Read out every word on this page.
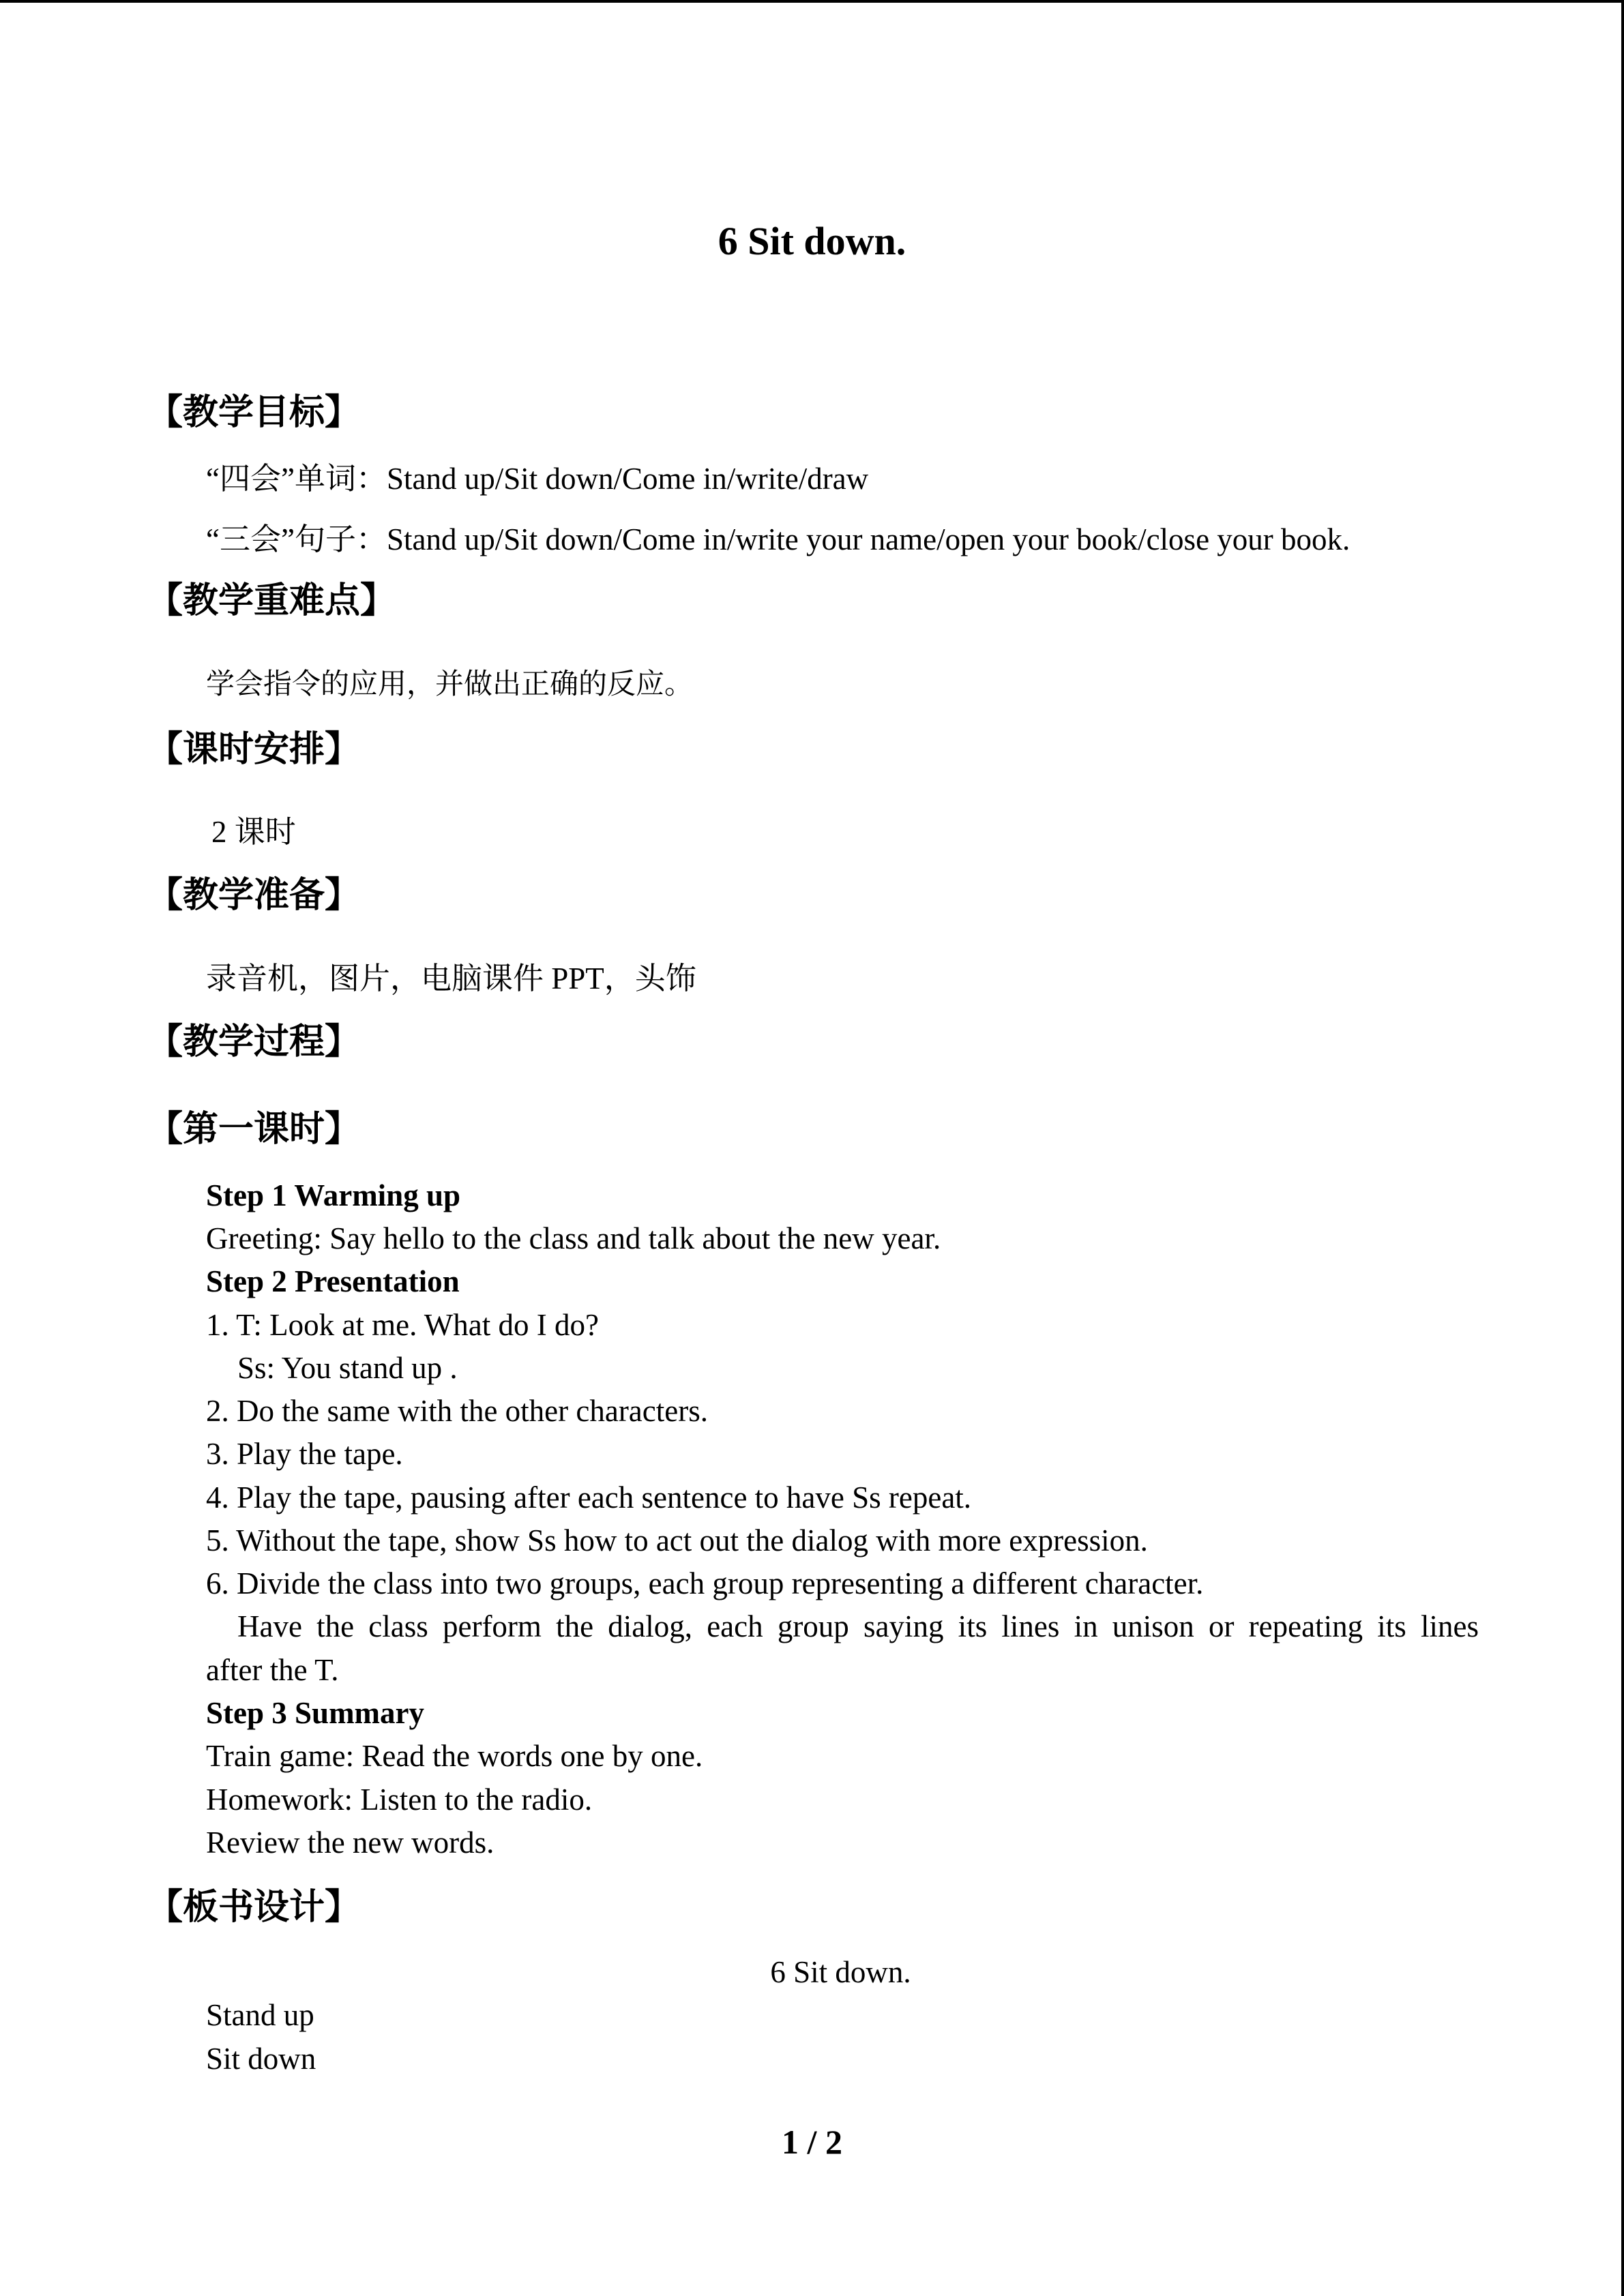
6 Sit down.
【教学目标】
“四会”单词：Stand up/Sit down/Come in/write/draw
“三会”句子：Stand up/Sit down/Come in/write your name/open your book/close your book.
【教学重难点】
学会指令的应用，并做出正确的反应。
【课时安排】
2 课时
【教学准备】
录音机，图片，电脑课件 PPT，头饰
【教学过程】
【第一课时】
Step 1 Warming up
Greeting: Say hello to the class and talk about the new year.
Step 2 Presentation
1. T: Look at me. What do I do?
Ss: You stand up .
2. Do the same with the other characters.
3. Play the tape.
4. Play the tape, pausing after each sentence to have Ss repeat.
5. Without the tape, show Ss how to act out the dialog with more expression.
6. Divide the class into two groups, each group representing a different character.
Have the class perform the dialog, each group saying its lines in unison or repeating its lines
after the T.
Step 3 Summary
Train game: Read the words one by one.
Homework: Listen to the radio.
Review the new words.
【板书设计】
6 Sit down.
Stand up
Sit down
1 / 2
